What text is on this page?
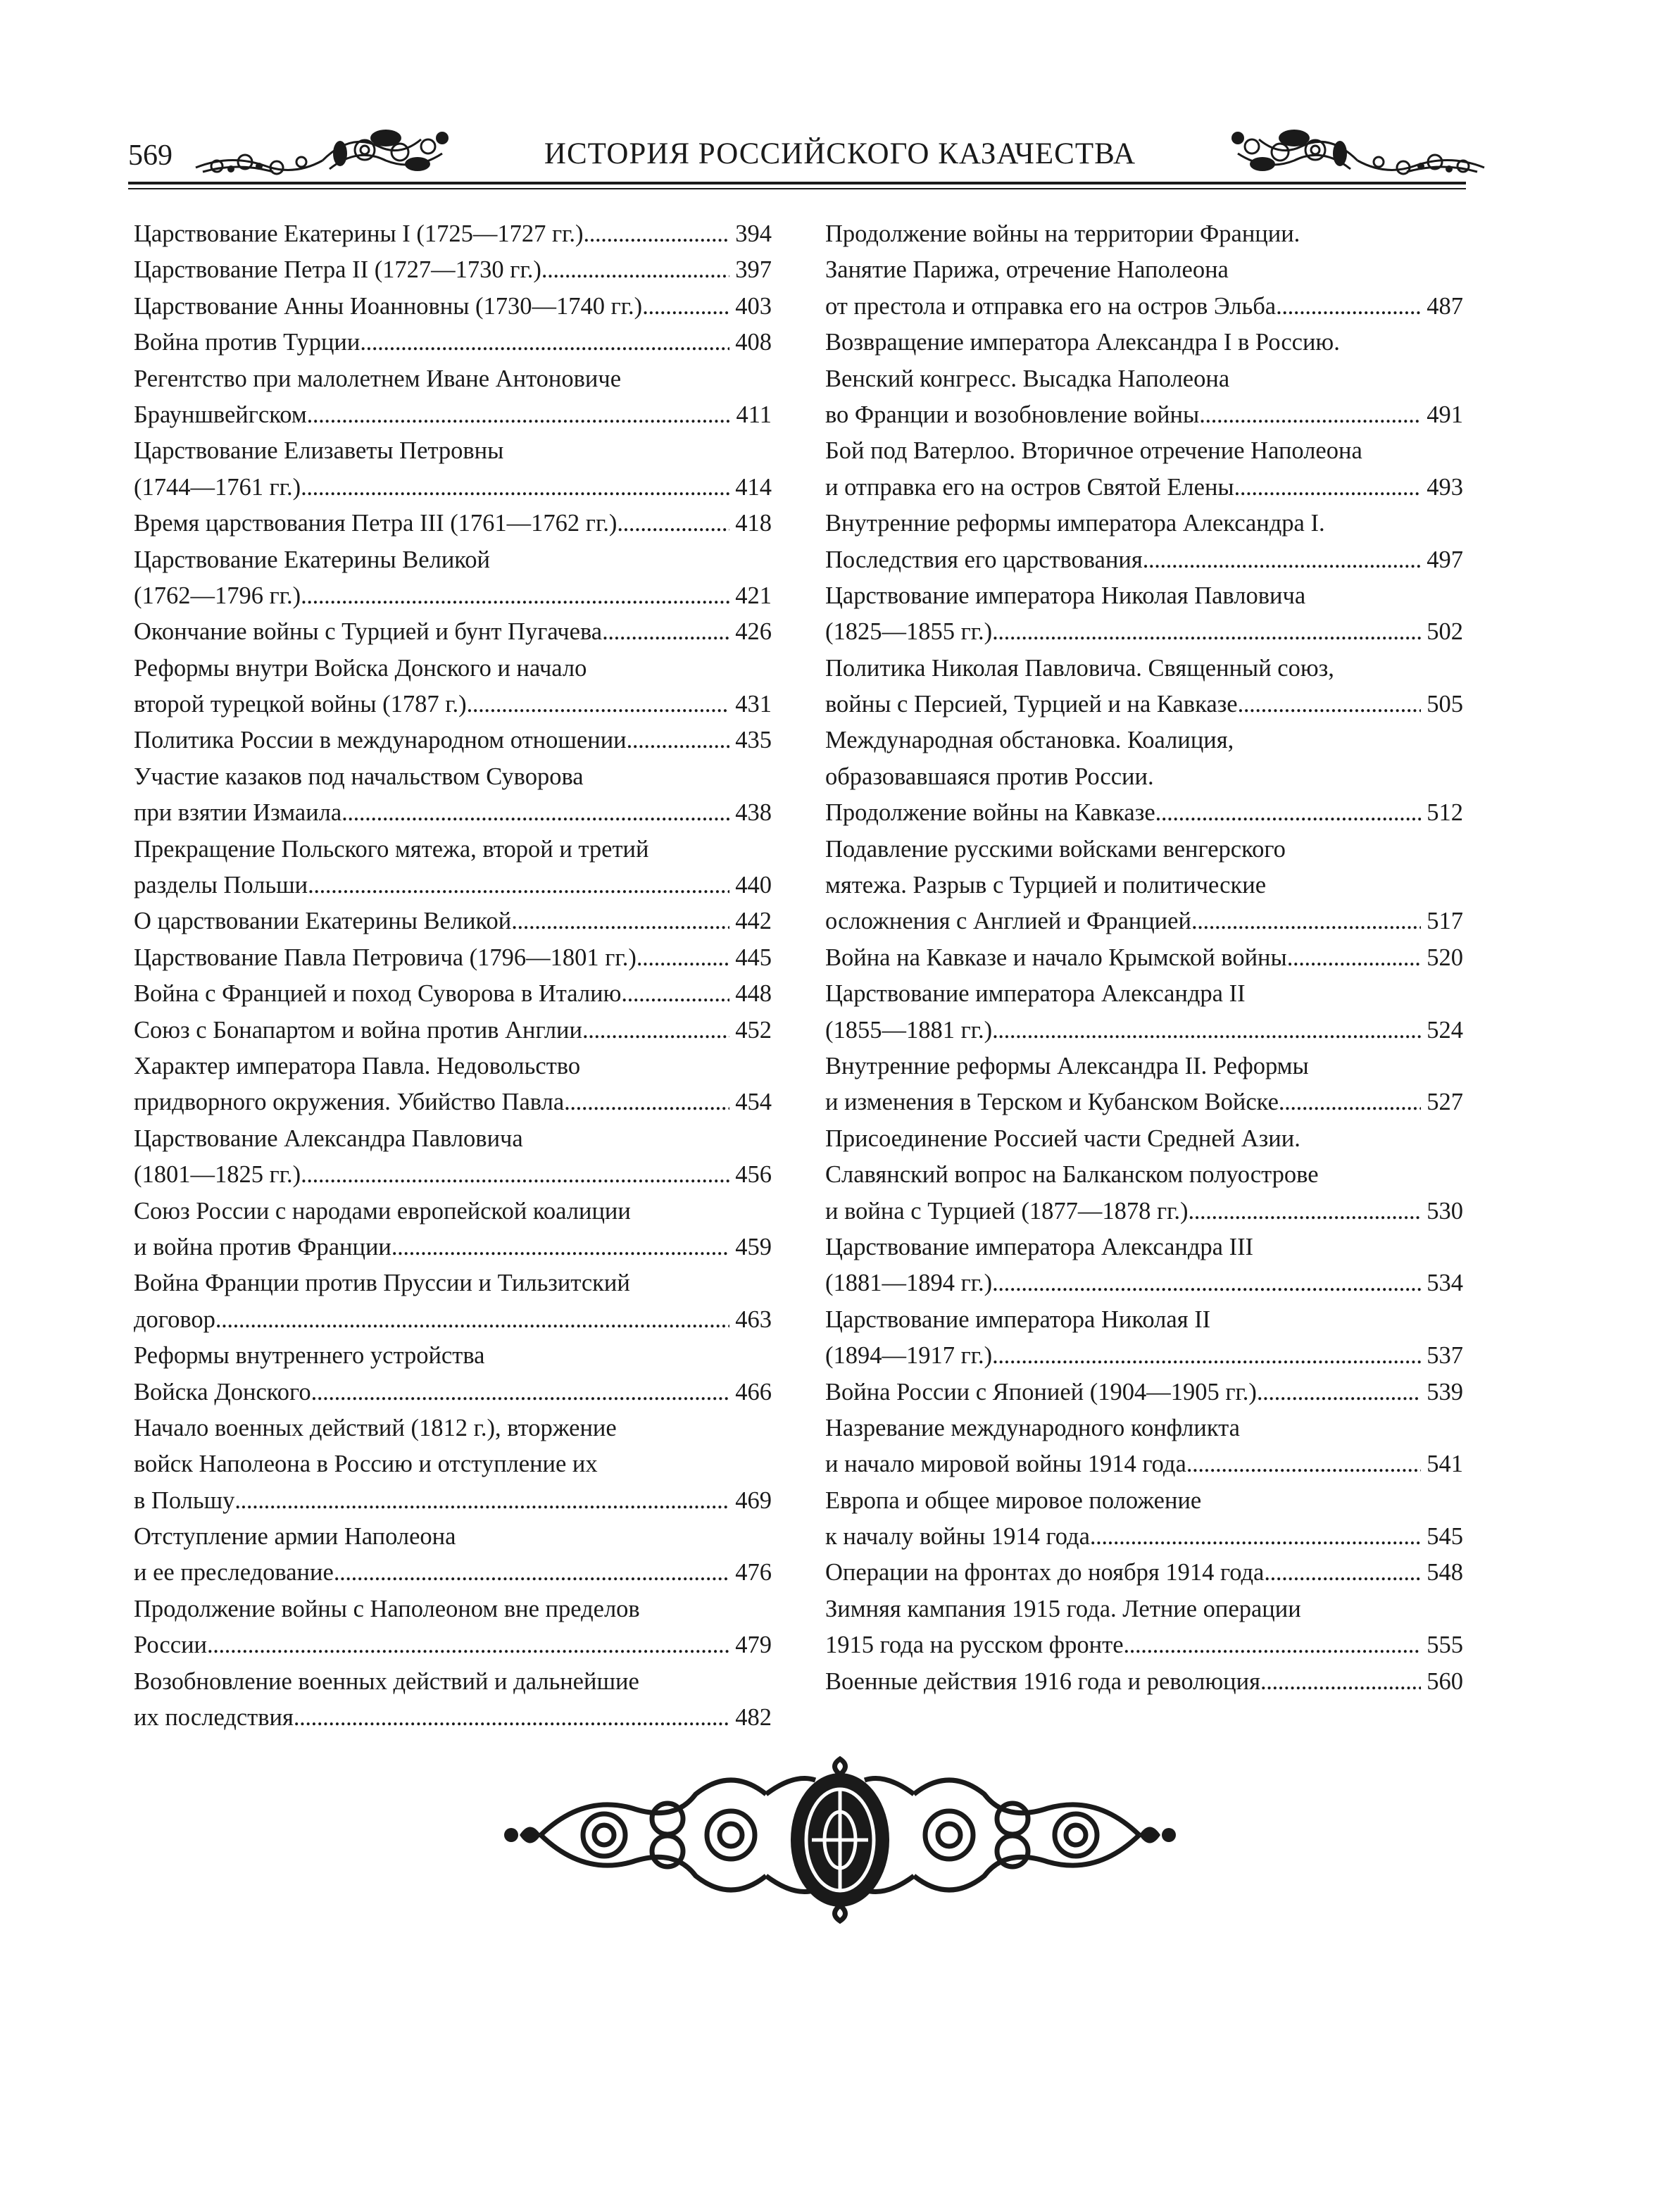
569	ИСТОРИЯ РОССИЙСКОГО КАЗАЧЕСТВА
Царствование Екатерины I (1725—1727 гг.) . . .	394
Царствование Петра II (1727—1730 гг.) . . .	397
Царствование Анны Иоанновны (1730—1740 гг.) . . .	403
Война против Турции . . .	408
Регентство при малолетнем Иване Антоновиче
Брауншвейгском . . .	411
Царствование Елизаветы Петровны
(1744—1761 гг.) . . .	414
Время царствования Петра III (1761—1762 гг.) . . .	418
Царствование Екатерины Великой
(1762—1796 гг.) . . .	421
Окончание войны с Турцией и бунт Пугачева . . .	426
Реформы внутри Войска Донского и начало
второй турецкой войны (1787 г.) . . .	431
Политика России в международном отношении . . .	435
Участие казаков под начальством Суворова
при взятии Измаила . . .	438
Прекращение Польского мятежа, второй и третий
разделы Польши . . .	440
О царствовании Екатерины Великой . . .	442
Царствование Павла Петровича (1796—1801 гг.) . . .	445
Война с Францией и поход Суворова в Италию . . .	448
Союз с Бонапартом и война против Англии . . .	452
Характер императора Павла. Недовольство
придворного окружения. Убийство Павла . . .	454
Царствование Александра Павловича
(1801—1825 гг.) . . .	456
Союз России с народами европейской коалиции
и война против Франции . . .	459
Война Франции против Пруссии и Тильзитский
договор . . .	463
Реформы внутреннего устройства
Войска Донского . . .	466
Начало военных действий (1812 г.), вторжение
войск Наполеона в Россию и отступление их
в Польшу . . .	469
Отступление армии Наполеона
и ее преследование . . .	476
Продолжение войны с Наполеоном вне пределов
России . . .	479
Возобновление военных действий и дальнейшие
их последствия . . .	482
Продолжение войны на территории Франции.
Занятие Парижа, отречение Наполеона
от престола и отправка его на остров Эльба . . .	487
Возвращение императора Александра I в Россию.
Венский конгресс. Высадка Наполеона
во Франции и возобновление войны . . .	491
Бой под Ватерлоо. Вторичное отречение Наполеона
и отправка его на остров Святой Елены . . .	493
Внутренние реформы императора Александра I.
Последствия его царствования . . .	497
Царствование императора Николая Павловича
(1825—1855 гг.) . . .	502
Политика Николая Павловича. Священный союз,
войны с Персией, Турцией и на Кавказе . . .	505
Международная обстановка. Коалиция,
образовавшаяся против России.
Продолжение войны на Кавказе . . .	512
Подавление русскими войсками венгерского
мятежа. Разрыв с Турцией и политические
осложнения с Англией и Францией . . .	517
Война на Кавказе и начало Крымской войны . . .	520
Царствование императора Александра II
(1855—1881 гг.) . . .	524
Внутренние реформы Александра II. Реформы
и изменения в Терском и Кубанском Войске . . .	527
Присоединение Россией части Средней Азии.
Славянский вопрос на Балканском полуострове
и война с Турцией (1877—1878 гг.) . . .	530
Царствование императора Александра III
(1881—1894 гг.) . . .	534
Царствование императора Николая II
(1894—1917 гг.) . . .	537
Война России с Японией (1904—1905 гг.) . . .	539
Назревание международного конфликта
и начало мировой войны 1914 года . . .	541
Европа и общее мировое положение
к началу войны 1914 года . . .	545
Операции на фронтах до ноября 1914 года . . .	548
Зимняя кампания 1915 года. Летние операции
1915 года на русском фронте . . .	555
Военные действия 1916 года и революция . . .	560
